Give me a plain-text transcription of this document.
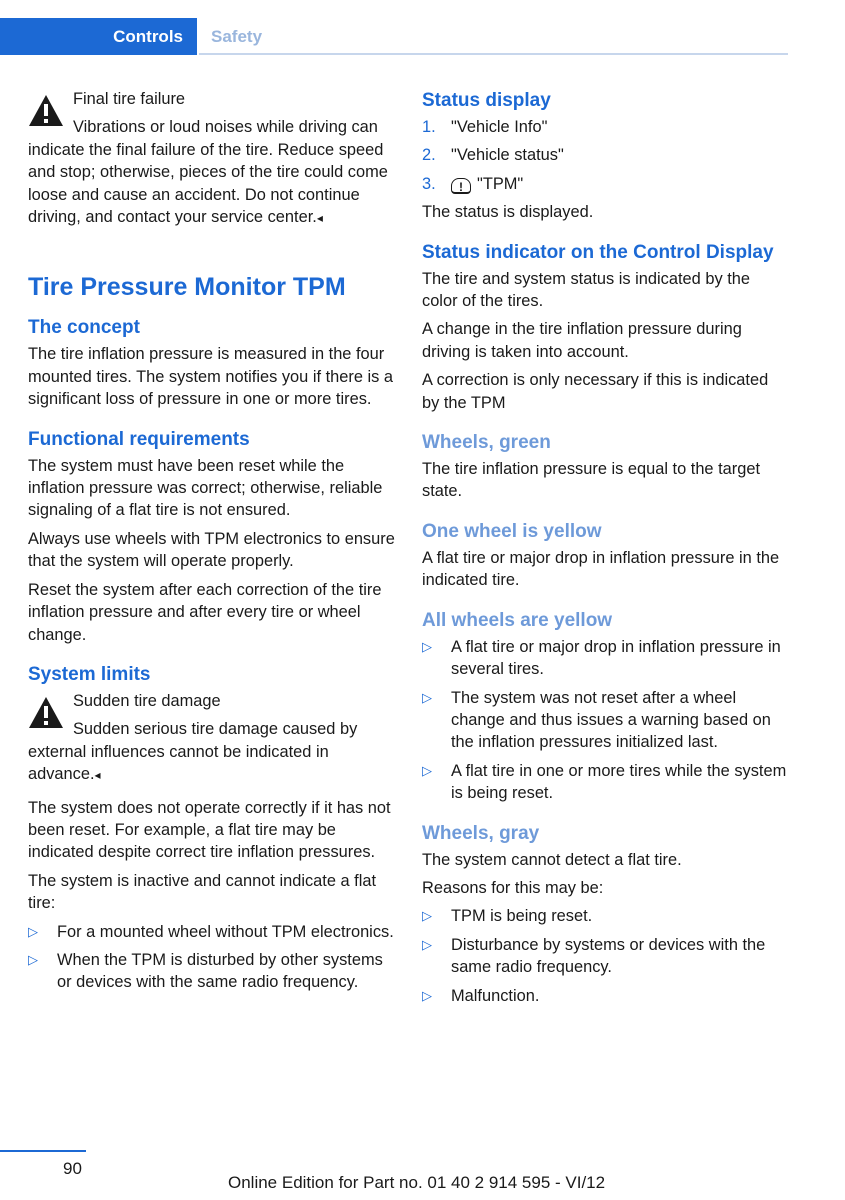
Controls	Safety

Final tire failure

Vibrations or loud noises while driving can indicate the final failure of the tire. Reduce speed and stop; otherwise, pieces of the tire could come loose and cause an accident. Do not continue driving, and contact your service center.◂

Tire Pressure Monitor TPM
The concept

The tire inflation pressure is measured in the four mounted tires. The system notifies you if there is a significant loss of pressure in one or more tires.

Functional requirements

The system must have been reset while the inflation pressure was correct; otherwise, reliable signaling of a flat tire is not ensured.

Always use wheels with TPM electronics to ensure that the system will operate properly.

Reset the system after each correction of the tire inflation pressure and after every tire or wheel change.

System limits

Sudden tire damage

Sudden serious tire damage caused by external influences cannot be indicated in advance.◂

The system does not operate correctly if it has not been reset. For example, a flat tire may be indicated despite correct tire inflation pressures.

The system is inactive and cannot indicate a flat tire:

▷ For a mounted wheel without TPM electronics.
▷ When the TPM is disturbed by other systems or devices with the same radio frequency.
Status display
1. "Vehicle Info"
2. "Vehicle status"
3. ! "TPM"

The status is displayed.

Status indicator on the Control Display

The tire and system status is indicated by the color of the tires.

A change in the tire inflation pressure during driving is taken into account.

A correction is only necessary if this is indicated by the TPM

Wheels, green

The tire inflation pressure is equal to the target state.

One wheel is yellow

A flat tire or major drop in inflation pressure in the indicated tire.

All wheels are yellow
▷ A flat tire or major drop in inflation pressure in several tires.
▷ The system was not reset after a wheel change and thus issues a warning based on the inflation pressures initialized last.
▷ A flat tire in one or more tires while the system is being reset.
Wheels, gray

The system cannot detect a flat tire.

Reasons for this may be:

▷ TPM is being reset.
▷ Disturbance by systems or devices with the same radio frequency.
▷ Malfunction.
90
Online Edition for Part no. 01 40 2 914 595 - VI/12
